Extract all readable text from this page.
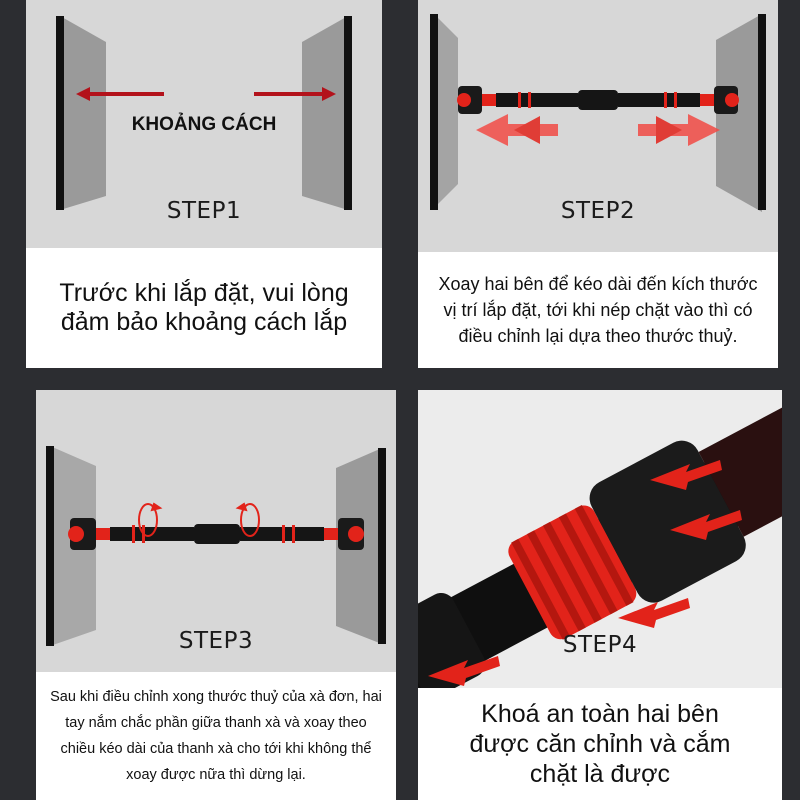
KHOẢNG CÁCH
STEP1
Trước khi lắp đặt, vui lòng đảm bảo khoảng cách lắp
STEP2
Xoay hai bên để kéo dài đến kích thước vị trí lắp đặt, tới khi nép chặt vào thì có điều chỉnh lại dựa theo thước thuỷ.
STEP3
Sau khi điều chỉnh xong thước thuỷ của xà đơn, hai tay nắm chắc phần giữa thanh xà và xoay theo chiều kéo dài của thanh xà cho tới khi không thể xoay được nữa thì dừng lại.
STEP4
Khoá an toàn hai bên được căn chỉnh và cắm chặt là được
